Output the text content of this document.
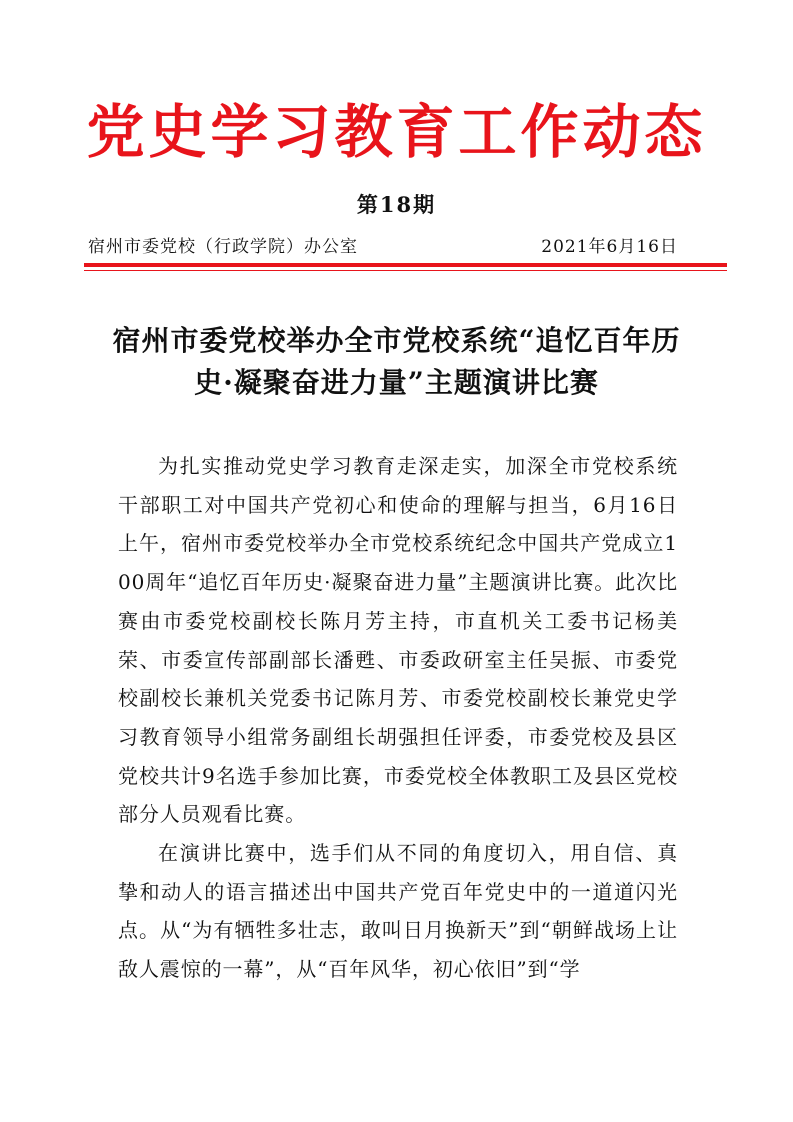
党史学习教育工作动态
第18期
宿州市委党校（行政学院）办公室	2021年6月16日
宿州市委党校举办全市党校系统“追忆百年历史·凝聚奋进力量”主题演讲比赛

为扎实推动党史学习教育走深走实，加深全市党校系统干部职工对中国共产党初心和使命的理解与担当，6月16日上午，宿州市委党校举办全市党校系统纪念中国共产党成立100周年“追忆百年历史·凝聚奋进力量”主题演讲比赛。此次比赛由市委党校副校长陈月芳主持，市直机关工委书记杨美荣、市委宣传部副部长潘甦、市委政研室主任吴振、市委党校副校长兼机关党委书记陈月芳、市委党校副校长兼党史学习教育领导小组常务副组长胡强担任评委，市委党校及县区党校共计9名选手参加比赛，市委党校全体教职工及县区党校部分人员观看比赛。

在演讲比赛中，选手们从不同的角度切入，用自信、真挚和动人的语言描述出中国共产党百年党史中的一道道闪光点。从“为有牺牲多壮志，敢叫日月换新天”到“朝鲜战场上让敌人震惊的一幕”，从“百年风华，初心依旧”到“学
